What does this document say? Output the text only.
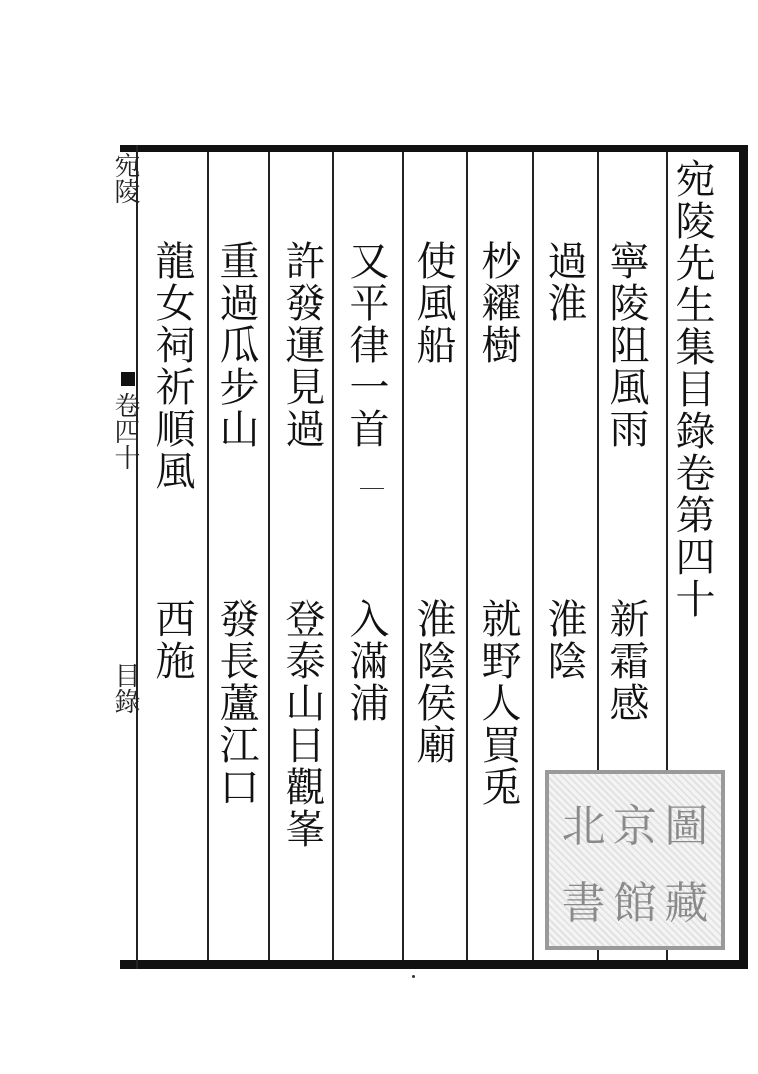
宛陵先生集目錄卷第四十
寧陵阻風雨
新霜感
過淮
淮陰
杪糴樹
就野人買兎
使風船
淮陰侯廟
又平律一首
入滿浦
許發運見過
登泰山日觀峯
重過瓜步山
發長蘆江口
龍女祠祈順風
西施
宛陵
卷四十
目錄
北 京 圖
書 館 藏
